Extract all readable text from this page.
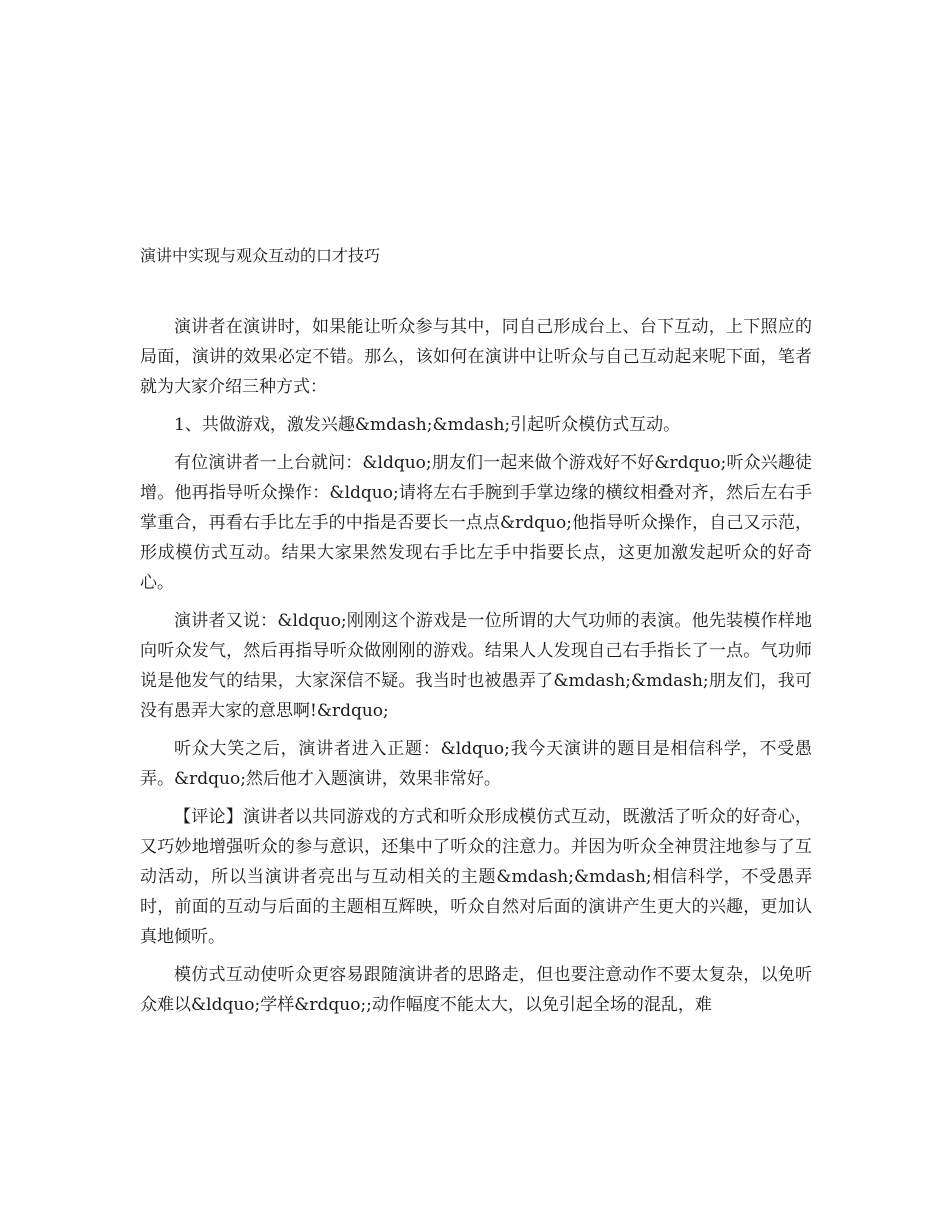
演讲中实现与观众互动的口才技巧

演讲者在演讲时，如果能让听众参与其中，同自己形成台上、台下互动，上下照应的局面，演讲的效果必定不错。那么，该如何在演讲中让听众与自己互动起来呢下面，笔者就为大家介绍三种方式：

1、共做游戏，激发兴趣&mdash;&mdash;引起听众模仿式互动。

有位演讲者一上台就问：&ldquo;朋友们一起来做个游戏好不好&rdquo;听众兴趣徒增。他再指导听众操作：&ldquo;请将左右手腕到手掌边缘的横纹相叠对齐，然后左右手掌重合，再看右手比左手的中指是否要长一点点&rdquo;他指导听众操作，自己又示范，形成模仿式互动。结果大家果然发现右手比左手中指要长点，这更加激发起听众的好奇心。

演讲者又说：&ldquo;刚刚这个游戏是一位所谓的大气功师的表演。他先装模作样地向听众发气，然后再指导听众做刚刚的游戏。结果人人发现自己右手指长了一点。气功师说是他发气的结果，大家深信不疑。我当时也被愚弄了&mdash;&mdash;朋友们，我可没有愚弄大家的意思啊!&rdquo;

听众大笑之后，演讲者进入正题：&ldquo;我今天演讲的题目是相信科学，不受愚弄。&rdquo;然后他才入题演讲，效果非常好。

【评论】演讲者以共同游戏的方式和听众形成模仿式互动，既激活了听众的好奇心，又巧妙地增强听众的参与意识，还集中了听众的注意力。并因为听众全神贯注地参与了互动活动，所以当演讲者亮出与互动相关的主题&mdash;&mdash;相信科学，不受愚弄时，前面的互动与后面的主题相互辉映，听众自然对后面的演讲产生更大的兴趣，更加认真地倾听。

模仿式互动使听众更容易跟随演讲者的思路走，但也要注意动作不要太复杂，以免听众难以&ldquo;学样&rdquo;;动作幅度不能太大，以免引起全场的混乱，难
